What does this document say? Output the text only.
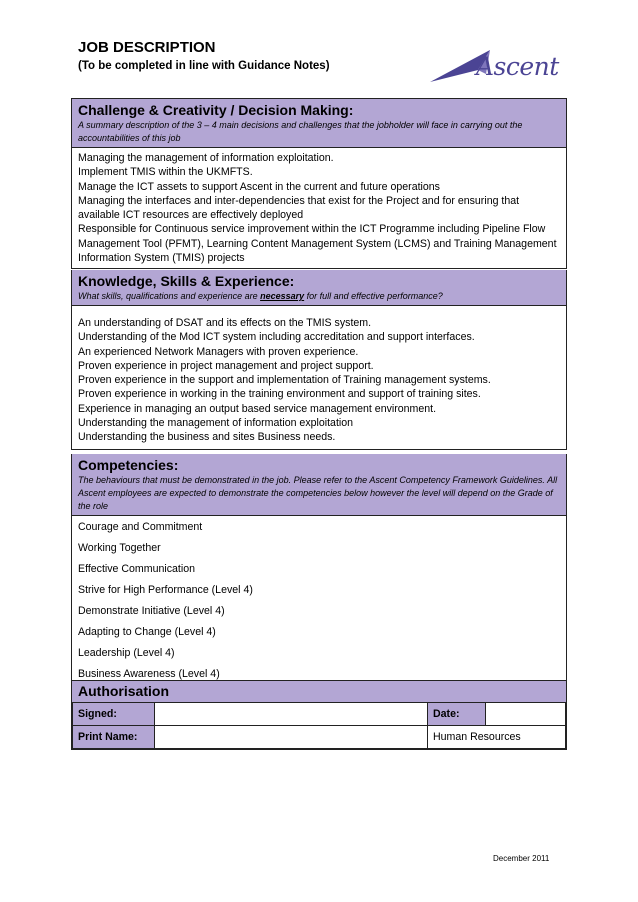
JOB DESCRIPTION
(To be completed in line with Guidance Notes)	Ascent
Challenge & Creativity / Decision Making:
A summary description of the 3 – 4 main decisions and challenges that the jobholder will face in carrying out the accountabilities of this job
Managing the management of information exploitation.
Implement TMIS within the UKMFTS.
Manage the ICT assets to support Ascent in the current and future operations
Managing the interfaces and inter-dependencies that exist for the Project and for ensuring that available ICT resources are effectively deployed
Responsible for Continuous service improvement within the ICT Programme including Pipeline Flow Management Tool (PFMT), Learning Content Management System (LCMS) and Training Management Information System (TMIS) projects
Knowledge, Skills & Experience:
What skills, qualifications and experience are necessary for full and effective performance?
An understanding of DSAT and its effects on the TMIS system.
Understanding of the Mod ICT system including accreditation and support interfaces.
An experienced Network Managers with proven experience.
Proven experience in project management and project support.
Proven experience in the support and implementation of Training management systems.
Proven experience in working in the training environment and support of training sites.
Experience in managing an output based service management environment.
Understanding the management of information exploitation
Understanding the business and sites Business needs.
Competencies:
The behaviours that must be demonstrated in the job. Please refer to the Ascent Competency Framework Guidelines. All Ascent employees are expected to demonstrate the competencies below however the level will depend on the Grade of the role
Courage and Commitment
Working Together
Effective Communication
Strive for High Performance (Level 4)
Demonstrate Initiative (Level 4)
Adapting to Change (Level 4)
Leadership (Level 4)
Business Awareness (Level 4)
Authorisation
Signed:		Date:	
Print Name:		Human Resources	
December 2011
